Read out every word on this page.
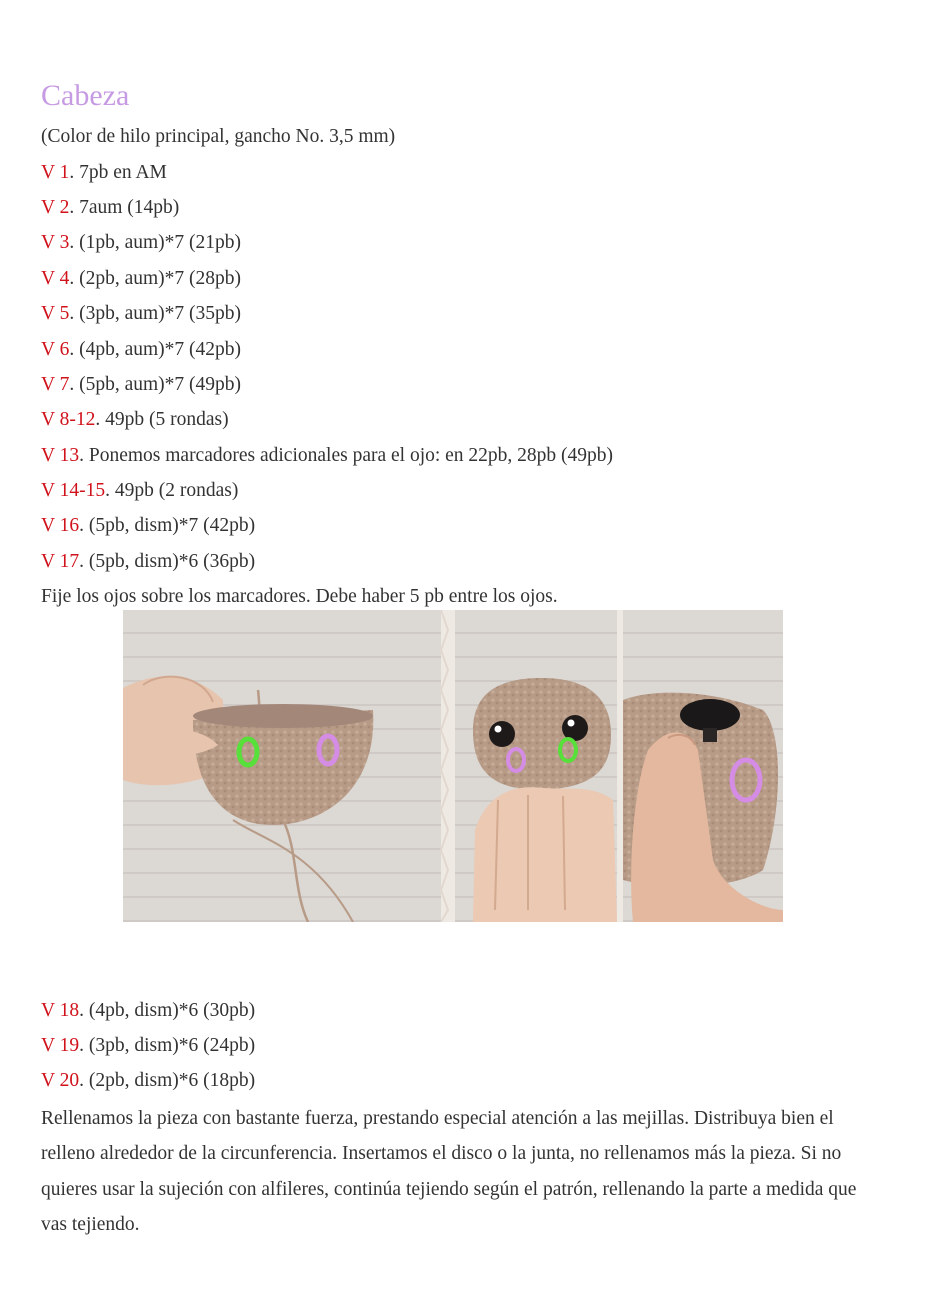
Cabeza
(Color de hilo principal, gancho No. 3,5 mm)
V 1. 7pb en AM
V 2. 7aum (14pb)
V 3. (1pb, aum)*7 (21pb)
V 4. (2pb, aum)*7 (28pb)
V 5. (3pb, aum)*7 (35pb)
V 6. (4pb, aum)*7 (42pb)
V 7. (5pb, aum)*7 (49pb)
V 8-12. 49pb (5 rondas)
V 13. Ponemos marcadores adicionales para el ojo: en 22pb, 28pb (49pb)
V 14-15. 49pb (2 rondas)
V 16. (5pb, dism)*7 (42pb)
V 17. (5pb, dism)*6 (36pb)
Fije los ojos sobre los marcadores. Debe haber 5 pb entre los ojos.
V 18. (4pb, dism)*6 (30pb)
V 19. (3pb, dism)*6 (24pb)
V 20. (2pb, dism)*6 (18pb)
Rellenamos la pieza con bastante fuerza, prestando especial atención a las mejillas. Distribuya bien el relleno alrededor de la circunferencia. Insertamos el disco o la junta, no rellenamos más la pieza. Si no quieres usar la sujeción con alfileres, continúa tejiendo según el patrón, rellenando la parte a medida que vas tejiendo.
